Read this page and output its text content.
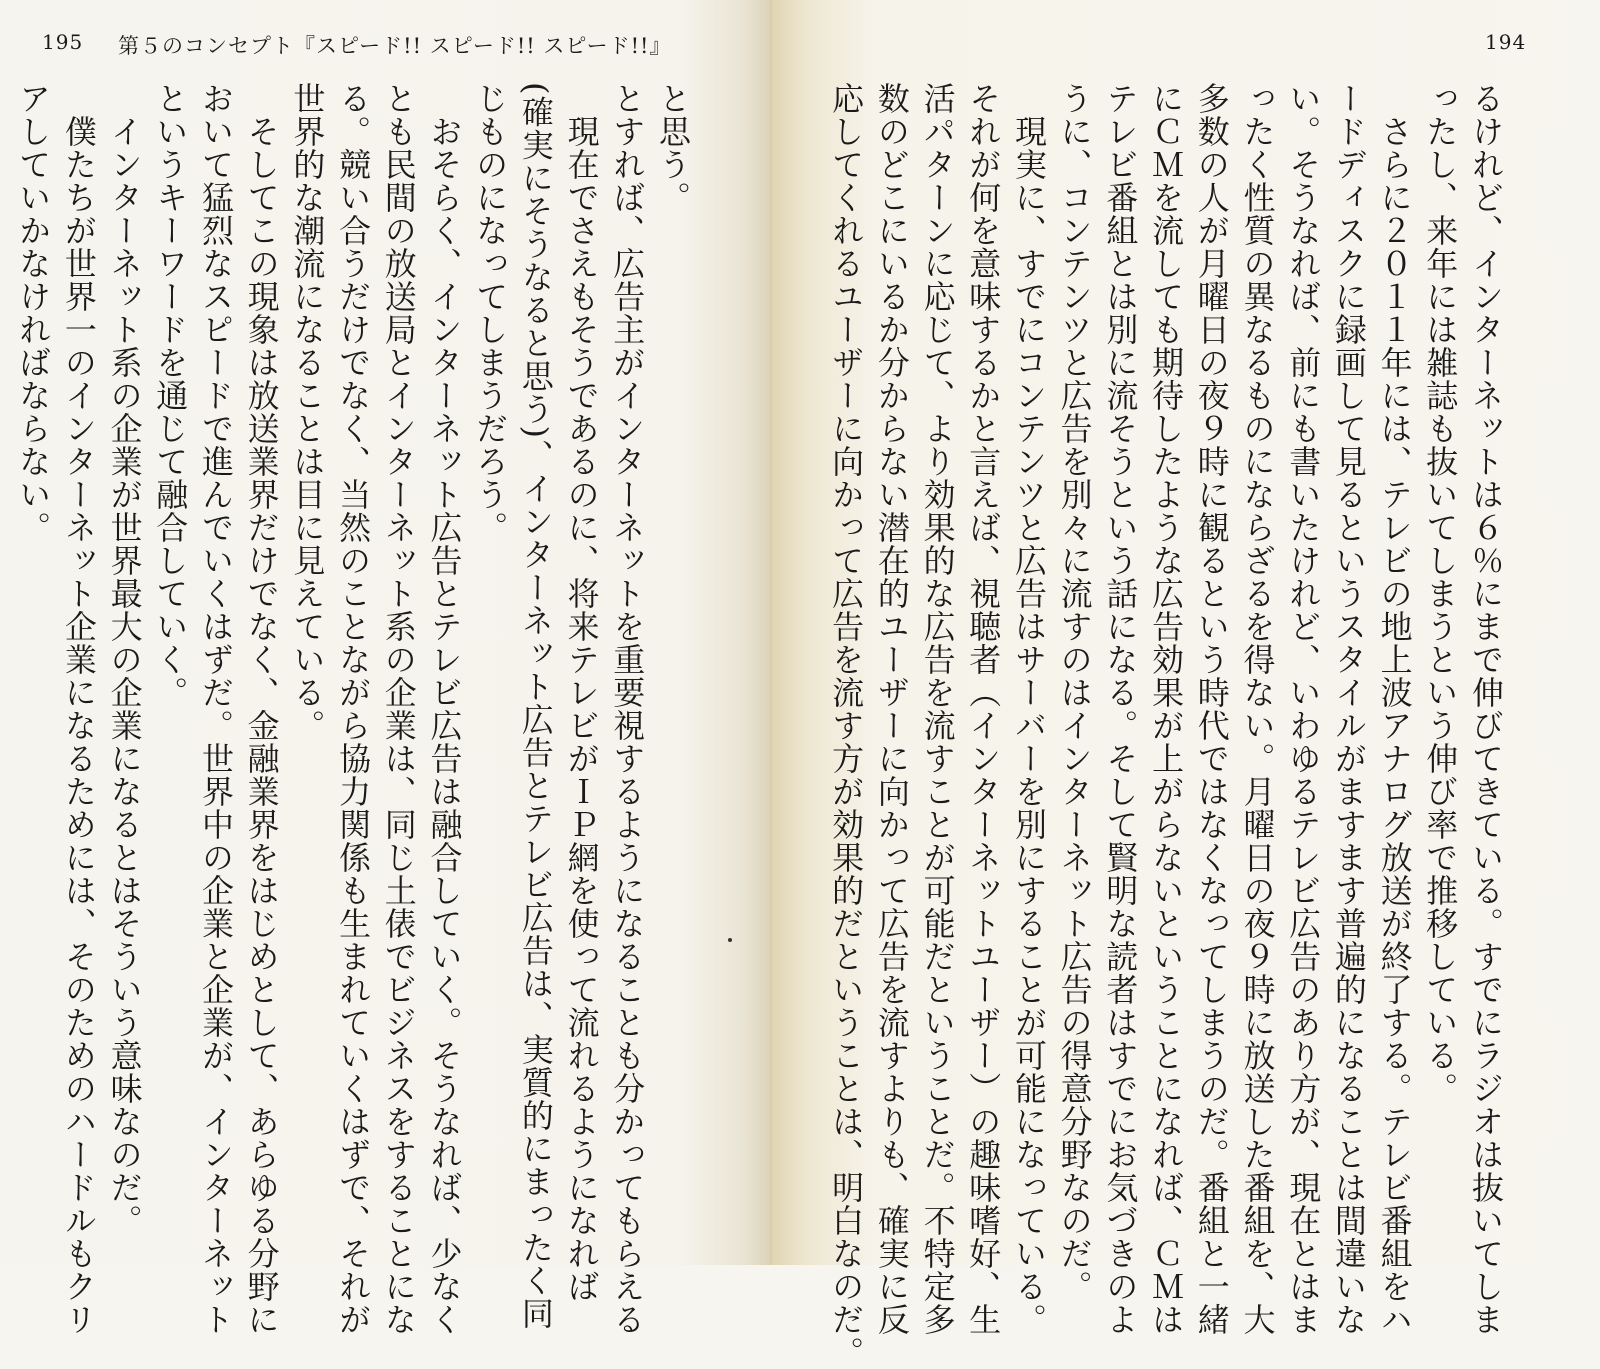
195 第５のコンセプト『スピード!! スピード!! スピード!!』
と思う。
とすれば、広告主がインターネットを重要視するようになることも分かってもらえる
　現在でさえもそうであるのに、将来テレビがＩＰ網を使って流れるようになれば
(確実にそうなると思う)、インターネット広告とテレビ広告は、実質的にまったく同
じものになってしまうだろう。
　おそらく、インターネット広告とテレビ広告は融合していく。そうなれば、少なく
とも民間の放送局とインターネット系の企業は、同じ土俵でビジネスをすることにな
る。競い合うだけでなく、当然のことながら協力関係も生まれていくはずで、それが
世界的な潮流になることは目に見えている。
　そしてこの現象は放送業界だけでなく、金融業界をはじめとして、あらゆる分野に
おいて猛烈なスピードで進んでいくはずだ。世界中の企業と企業が、インターネット
というキーワードを通じて融合していく。
　インターネット系の企業が世界最大の企業になるとはそういう意味なのだ。
　僕たちが世界一のインターネット企業になるためには、そのためのハードルもクリ
アしていかなければならない。
194
るけれど、インターネットは６％にまで伸びてきている。すでにラジオは抜いてしま
ったし、来年には雑誌も抜いてしまうという伸び率で推移している。
　さらに２０１１年には、テレビの地上波アナログ放送が終了する。テレビ番組をハ
ードディスクに録画して見るというスタイルがますます普遍的になることは間違いな
い。そうなれば、前にも書いたけれど、いわゆるテレビ広告のあり方が、現在とはま
ったく性質の異なるものにならざるを得ない。月曜日の夜９時に放送した番組を、大
多数の人が月曜日の夜９時に観るという時代ではなくなってしまうのだ。番組と一緒
にＣＭを流しても期待したような広告効果が上がらないということになれば、ＣＭは
テレビ番組とは別に流そうという話になる。そして賢明な読者はすでにお気づきのよ
うに、コンテンツと広告を別々に流すのはインターネット広告の得意分野なのだ。
　現実に、すでにコンテンツと広告はサーバーを別にすることが可能になっている。
それが何を意味するかと言えば、視聴者（インターネットユーザー）の趣味嗜好、生
活パターンに応じて、より効果的な広告を流すことが可能だということだ。不特定多
数のどこにいるか分からない潜在的ユーザーに向かって広告を流すよりも、確実に反
応してくれるユーザーに向かって広告を流す方が効果的だということは、明白なのだ。
